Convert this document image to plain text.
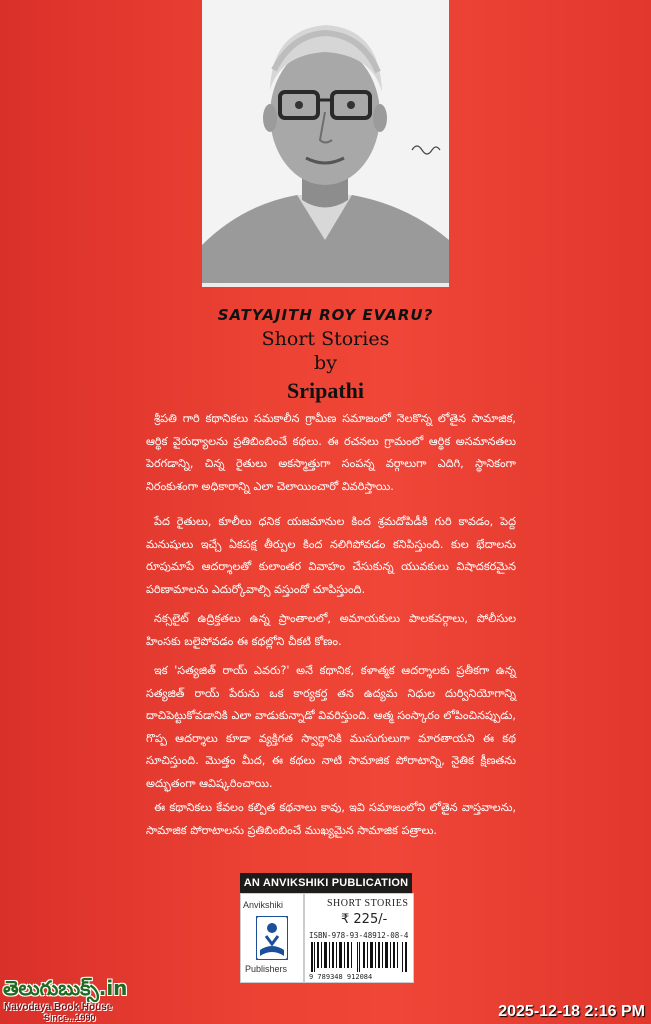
SATYAJITH ROY EVARU?
Short Stories
by
Sripathi
శ్రీపతి గారి కథానికలు సమకాలీన గ్రామీణ సమాజంలో నెలకొన్న లోతైన సామాజిక, ఆర్థిక వైరుధ్యాలను ప్రతిబింబించే కథలు. ఈ రచనలు గ్రామంలో ఆర్థిక అసమానతలు పెరగడాన్ని, చిన్న రైతులు అకస్మాత్తుగా సంపన్న వర్గాలుగా ఎదిగి, స్థానికంగా నిరంకుశంగా అధికారాన్ని ఎలా చెలాయించారో వివరిస్తాయి.
పేద రైతులు, కూలీలు ధనిక యజమానుల కింద శ్రమదోపిడీకి గురి కావడం, పెద్ద మనుషులు ఇచ్చే ఏకపక్ష తీర్పుల కింద నలిగిపోవడం కనిపిస్తుంది. కుల భేదాలను రూపుమాపే ఆదర్శాలతో కులాంతర వివాహం చేసుకున్న యువకులు విషాదకరమైన పరిణామాలను ఎదుర్కోవాల్సి వస్తుందో చూపిస్తుంది.
నక్సలైట్ ఉద్రిక్తతలు ఉన్న ప్రాంతాలలో, అమాయకులు పాలకవర్గాలు, పోలీసుల హింసకు బలైపోవడం ఈ కథల్లోని చీకటి కోణం.
ఇక 'సత్యజిత్ రాయ్ ఎవరు?' అనే కథానిక, కళాత్మక ఆదర్శాలకు ప్రతీకగా ఉన్న సత్యజిత్ రాయ్ పేరును ఒక కార్యకర్త తన ఉద్యమ నిధుల దుర్వినియోగాన్ని దాచిపెట్టుకోవడానికి ఎలా వాడుకున్నాడో వివరిస్తుంది. ఆత్మ సంస్కారం లోపించినప్పుడు, గొప్ప ఆదర్శాలు కూడా వ్యక్తిగత స్వార్థానికి ముసుగులుగా మారతాయని ఈ కథ సూచిస్తుంది. మొత్తం మీద, ఈ కథలు నాటి సామాజిక పోరాటాన్ని, నైతిక క్షీణతను అద్భుతంగా ఆవిష్కరించాయి.
ఈ కథానికలు కేవలం కల్పిత కథనాలు కావు, ఇవి సమాజంలోని లోతైన వాస్తవాలను, సామాజిక పోరాటాలను ప్రతిబింబించే ముఖ్యమైన సామాజిక పత్రాలు.
AN ANVIKSHIKI PUBLICATION
Anvikshiki
Publishers
SHORT STORIES
₹ 225/-
ISBN-978-93-48912-08-4
9 789348 912084
తెలుగుబుక్స్.in
Navodaya Book House
Since...1990	2025-12-18 2:16 PM
